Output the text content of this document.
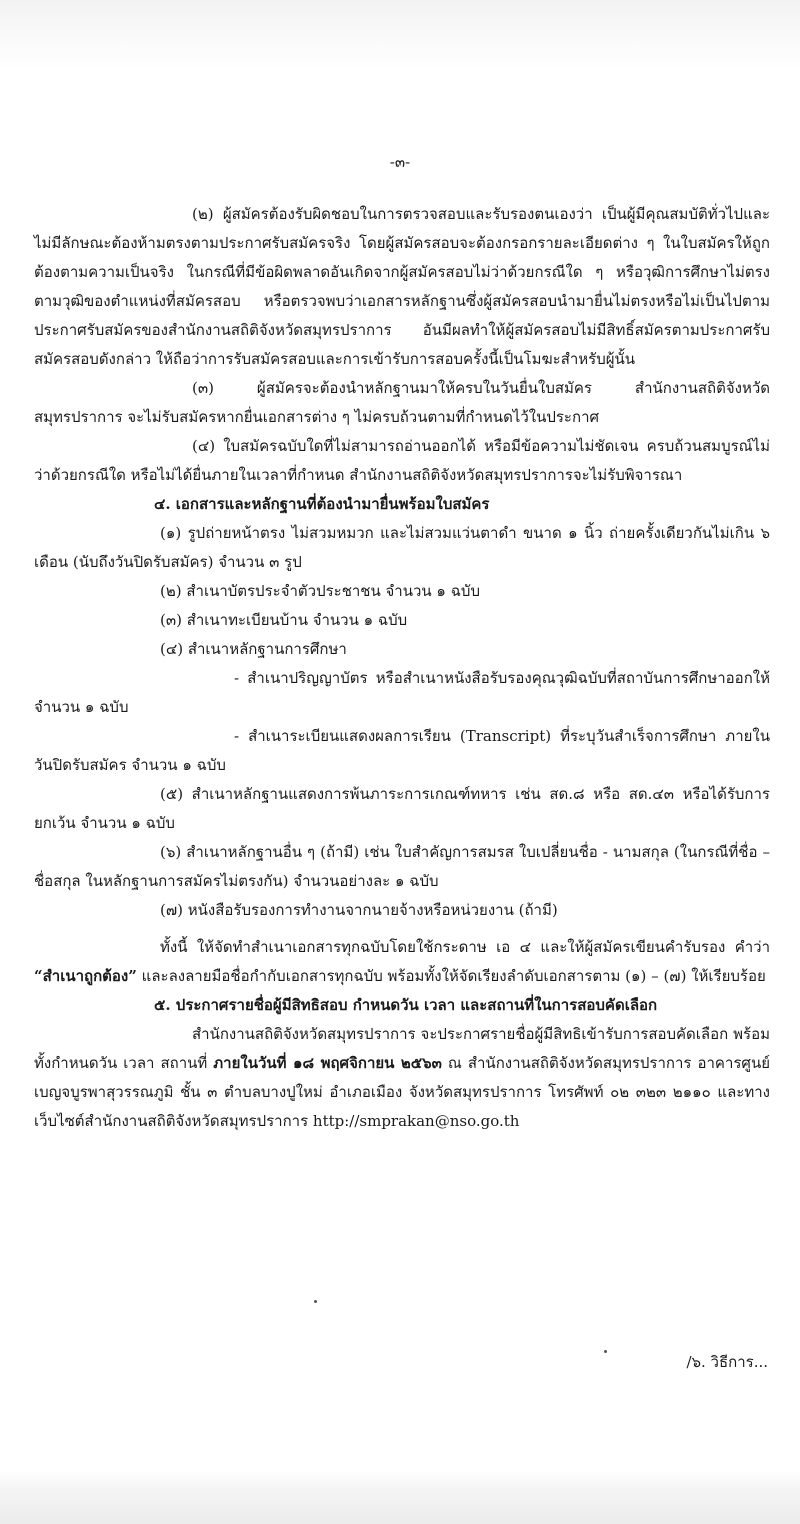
-๓-

(๒) ผู้สมัครต้องรับผิดชอบในการตรวจสอบและรับรองตนเองว่า เป็นผู้มีคุณสมบัติทั่วไปและไม่มีลักษณะต้องห้ามตรงตามประกาศรับสมัครจริง โดยผู้สมัครสอบจะต้องกรอกรายละเอียดต่าง ๆ ในใบสมัครให้ถูกต้องตามความเป็นจริง ในกรณีที่มีข้อผิดพลาดอันเกิดจากผู้สมัครสอบไม่ว่าด้วยกรณีใด ๆ หรือวุฒิการศึกษาไม่ตรงตามวุฒิของตำแหน่งที่สมัครสอบ หรือตรวจพบว่าเอกสารหลักฐานซึ่งผู้สมัครสอบนำมายื่นไม่ตรงหรือไม่เป็นไปตามประกาศรับสมัครของสำนักงานสถิติจังหวัดสมุทรปราการ อันมีผลทำให้ผู้สมัครสอบไม่มีสิทธิ์สมัครตามประกาศรับสมัครสอบดังกล่าว ให้ถือว่าการรับสมัครสอบและการเข้ารับการสอบครั้งนี้เป็นโมฆะสำหรับผู้นั้น

(๓) ผู้สมัครจะต้องนำหลักฐานมาให้ครบในวันยื่นใบสมัคร สำนักงานสถิติจังหวัดสมุทรปราการ จะไม่รับสมัครหากยื่นเอกสารต่าง ๆ ไม่ครบถ้วนตามที่กำหนดไว้ในประกาศ

(๔) ใบสมัครฉบับใดที่ไม่สามารถอ่านออกได้ หรือมีข้อความไม่ชัดเจน ครบถ้วนสมบูรณ์ไม่ว่าด้วยกรณีใด หรือไม่ได้ยื่นภายในเวลาที่กำหนด สำนักงานสถิติจังหวัดสมุทรปราการจะไม่รับพิจารณา

๔. เอกสารและหลักฐานที่ต้องนำมายื่นพร้อมใบสมัคร

(๑) รูปถ่ายหน้าตรง ไม่สวมหมวก และไม่สวมแว่นตาดำ ขนาด ๑ นิ้ว ถ่ายครั้งเดียวกันไม่เกิน ๖ เดือน (นับถึงวันปิดรับสมัคร) จำนวน ๓ รูป

(๒) สำเนาบัตรประจำตัวประชาชน จำนวน ๑ ฉบับ

(๓) สำเนาทะเบียนบ้าน จำนวน ๑ ฉบับ

(๔) สำเนาหลักฐานการศึกษา

- สำเนาปริญญาบัตร หรือสำเนาหนังสือรับรองคุณวุฒิฉบับที่สถาบันการศึกษาออกให้ จำนวน ๑ ฉบับ

- สำเนาระเบียนแสดงผลการเรียน (Transcript) ที่ระบุวันสำเร็จการศึกษา ภายในวันปิดรับสมัคร จำนวน ๑ ฉบับ

(๕) สำเนาหลักฐานแสดงการพ้นภาระการเกณฑ์ทหาร เช่น สด.๘ หรือ สด.๔๓ หรือได้รับการยกเว้น จำนวน ๑ ฉบับ

(๖) สำเนาหลักฐานอื่น ๆ (ถ้ามี) เช่น ใบสำคัญการสมรส ใบเปลี่ยนชื่อ - นามสกุล (ในกรณีที่ชื่อ – ชื่อสกุล ในหลักฐานการสมัครไม่ตรงกัน) จำนวนอย่างละ ๑ ฉบับ

(๗) หนังสือรับรองการทำงานจากนายจ้างหรือหน่วยงาน (ถ้ามี)

ทั้งนี้ ให้จัดทำสำเนาเอกสารทุกฉบับโดยใช้กระดาษ เอ ๔ และให้ผู้สมัครเขียนคำรับรอง คำว่า “สำเนาถูกต้อง” และลงลายมือชื่อกำกับเอกสารทุกฉบับ พร้อมทั้งให้จัดเรียงลำดับเอกสารตาม (๑) – (๗) ให้เรียบร้อย

๕. ประกาศรายชื่อผู้มีสิทธิสอบ กำหนดวัน เวลา และสถานที่ในการสอบคัดเลือก

สำนักงานสถิติจังหวัดสมุทรปราการ จะประกาศรายชื่อผู้มีสิทธิเข้ารับการสอบคัดเลือก พร้อมทั้งกำหนดวัน เวลา สถานที่ ภายในวันที่ ๑๘ พฤศจิกายน ๒๕๖๓ ณ สำนักงานสถิติจังหวัดสมุทรปราการ อาคารศูนย์เบญจบูรพาสุวรรณภูมิ ชั้น ๓ ตำบลบางปูใหม่ อำเภอเมือง จังหวัดสมุทรปราการ โทรศัพท์ ๐๒ ๓๒๓ ๒๑๑๐ และทางเว็บไซต์สำนักงานสถิติจังหวัดสมุทรปราการ http://smprakan@nso.go.th

/๖. วิธีการ...
